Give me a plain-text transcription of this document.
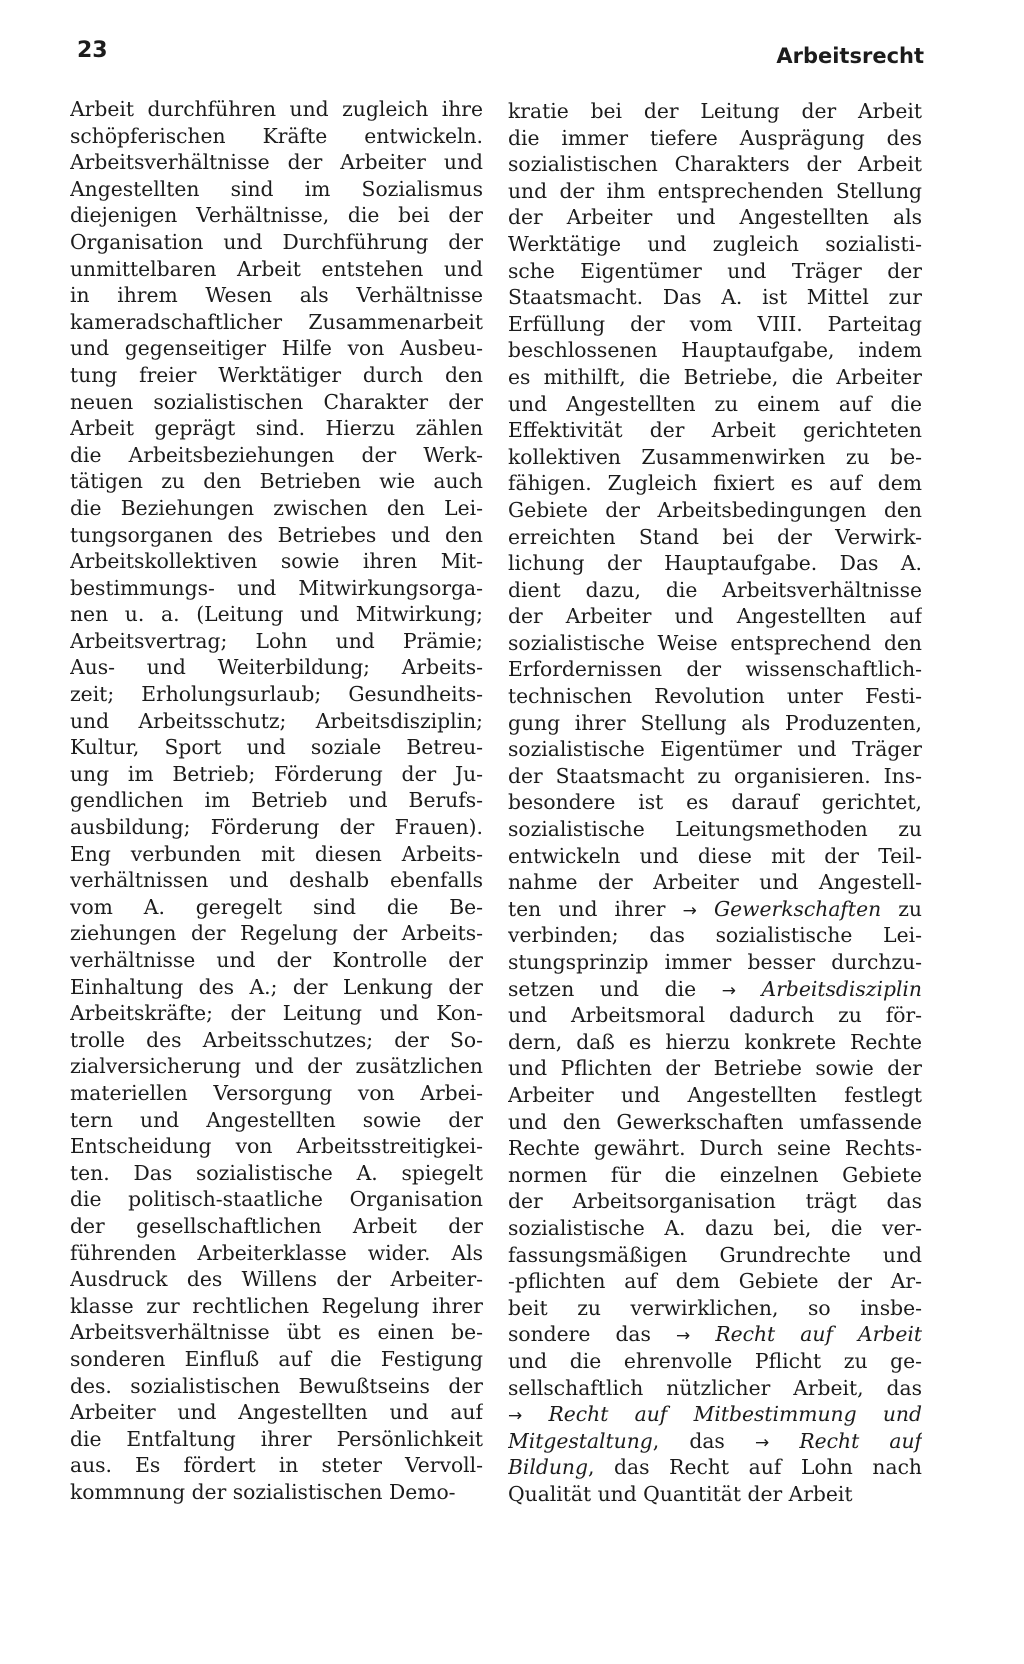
23	Arbeitsrecht
Arbeit durchführen und zugleich ihre
schöpferischen Kräfte entwickeln.
Arbeitsverhältnisse der Arbeiter und
Angestellten sind im Sozialismus
diejenigen Verhältnisse, die bei der
Organisation und Durchführung der
unmittelbaren Arbeit entstehen und
in ihrem Wesen als Verhältnisse
kameradschaftlicher Zusammenarbeit
und gegenseitiger Hilfe von Ausbeu-
tung freier Werktätiger durch den
neuen sozialistischen Charakter der
Arbeit geprägt sind. Hierzu zählen
die Arbeitsbeziehungen der Werk-
tätigen zu den Betrieben wie auch
die Beziehungen zwischen den Lei-
tungsorganen des Betriebes und den
Arbeitskollektiven sowie ihren Mit-
bestimmungs- und Mitwirkungsorga-
nen u. a. (Leitung und Mitwirkung;
Arbeitsvertrag; Lohn und Prämie;
Aus- und Weiterbildung; Arbeits-
zeit; Erholungsurlaub; Gesundheits-
und Arbeitsschutz; Arbeitsdisziplin;
Kultur, Sport und soziale Betreu-
ung im Betrieb; Förderung der Ju-
gendlichen im Betrieb und Berufs-
ausbildung; Förderung der Frauen).
Eng verbunden mit diesen Arbeits-
verhältnissen und deshalb ebenfalls
vom A. geregelt sind die Be-
ziehungen der Regelung der Arbeits-
verhältnisse und der Kontrolle der
Einhaltung des A.; der Lenkung der
Arbeitskräfte; der Leitung und Kon-
trolle des Arbeitsschutzes; der So-
zialversicherung und der zusätzlichen
materiellen Versorgung von Arbei-
tern und Angestellten sowie der
Entscheidung von Arbeitsstreitigkei-
ten. Das sozialistische A. spiegelt
die politisch-staatliche Organisation
der gesellschaftlichen Arbeit der
führenden Arbeiterklasse wider. Als
Ausdruck des Willens der Arbeiter-
klasse zur rechtlichen Regelung ihrer
Arbeitsverhältnisse übt es einen be-
sonderen Einfluß auf die Festigung
des. sozialistischen Bewußtseins der
Arbeiter und Angestellten und auf
die Entfaltung ihrer Persönlichkeit
aus. Es fördert in steter Vervoll-
kommnung der sozialistischen Demo-
kratie bei der Leitung der Arbeit
die immer tiefere Ausprägung des
sozialistischen Charakters der Arbeit
und der ihm entsprechenden Stellung
der Arbeiter und Angestellten als
Werktätige und zugleich sozialisti-
sche Eigentümer und Träger der
Staatsmacht. Das A. ist Mittel zur
Erfüllung der vom VIII. Parteitag
beschlossenen Hauptaufgabe, indem
es mithilft, die Betriebe, die Arbeiter
und Angestellten zu einem auf die
Effektivität der Arbeit gerichteten
kollektiven Zusammenwirken zu be-
fähigen. Zugleich fixiert es auf dem
Gebiete der Arbeitsbedingungen den
erreichten Stand bei der Verwirk-
lichung der Hauptaufgabe. Das A.
dient dazu, die Arbeitsverhältnisse
der Arbeiter und Angestellten auf
sozialistische Weise entsprechend den
Erfordernissen der wissenschaftlich-
technischen Revolution unter Festi-
gung ihrer Stellung als Produzenten,
sozialistische Eigentümer und Träger
der Staatsmacht zu organisieren. Ins-
besondere ist es darauf gerichtet,
sozialistische Leitungsmethoden zu
entwickeln und diese mit der Teil-
nahme der Arbeiter und Angestell-
ten und ihrer → Gewerkschaften zu
verbinden; das sozialistische Lei-
stungsprinzip immer besser durchzu-
setzen und die → Arbeitsdisziplin
und Arbeitsmoral dadurch zu för-
dern, daß es hierzu konkrete Rechte
und Pflichten der Betriebe sowie der
Arbeiter und Angestellten festlegt
und den Gewerkschaften umfassende
Rechte gewährt. Durch seine Rechts-
normen für die einzelnen Gebiete
der Arbeitsorganisation trägt das
sozialistische A. dazu bei, die ver-
fassungsmäßigen Grundrechte und
-pflichten auf dem Gebiete der Ar-
beit zu verwirklichen, so insbe-
sondere das → Recht auf Arbeit
und die ehrenvolle Pflicht zu ge-
sellschaftlich nützlicher Arbeit, das
→ Recht auf Mitbestimmung und
Mitgestaltung, das → Recht auf
Bildung, das Recht auf Lohn nach
Qualität und Quantität der Arbeit
